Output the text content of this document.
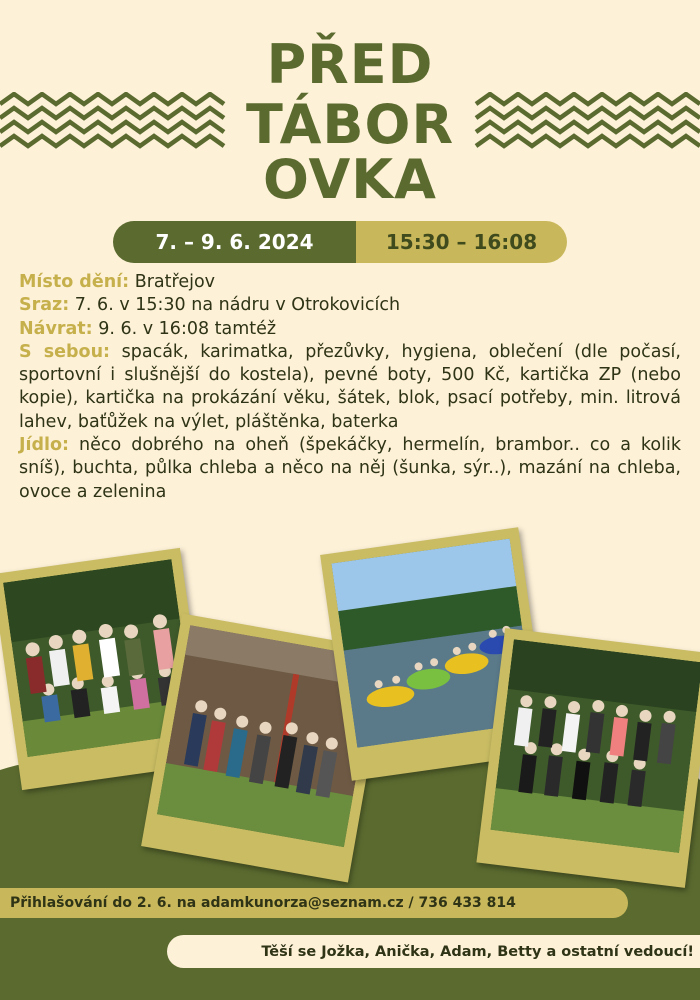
PŘED
TÁBOR
OVKA
7. – 9. 6. 2024	15:30 – 16:08

Místo dění: Bratřejov

Sraz: 7. 6. v 15:30 na nádru v Otrokovicích

Návrat: 9. 6. v 16:08 tamtéž

S sebou: spacák, karimatka, přezůvky, hygiena, oblečení (dle počasí, sportovní i slušnější do kostela), pevné boty, 500 Kč, kartička ZP (nebo kopie), kartička na prokázání věku, šátek, blok, psací potřeby, min. litrová lahev, baťůžek na výlet, pláštěnka, baterka

Jídlo: něco dobrého na oheň (špekáčky, hermelín, brambor.. co a kolik sníš), buchta, půlka chleba a něco na něj (šunka, sýr..), mazání na chleba, ovoce a zelenina

Přihlašování do 2. 6. na adamkunorza@seznam.cz / 736 433 814
Těší se Jožka, Anička, Adam, Betty a ostatní vedoucí!
